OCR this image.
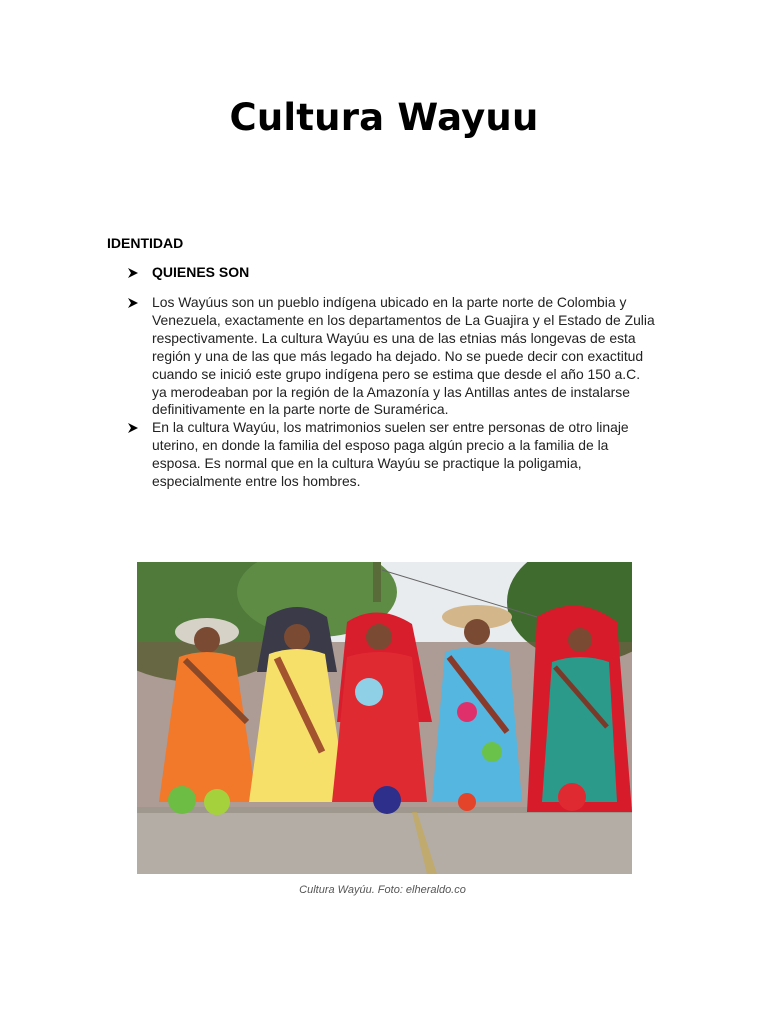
Cultura Wayuu
IDENTIDAD
QUIENES SON
Los Wayúus son un pueblo indígena ubicado en la parte norte de Colombia y Venezuela, exactamente en los departamentos de La Guajira y el Estado de Zulia respectivamente. La cultura Wayúu es una de las etnias más longevas de esta región y una de las que más legado ha dejado. No se puede decir con exactitud cuando se inició este grupo indígena pero se estima que desde el año 150 a.C. ya merodeaban por la región de la Amazonía y las Antillas antes de instalarse definitivamente en la parte norte de Suramérica.
En la cultura Wayúu, los matrimonios suelen ser entre personas de otro linaje uterino, en donde la familia del esposo paga algún precio a la familia de la esposa. Es normal que en la cultura Wayúu se practique la poligamia, especialmente entre los hombres.
Cultura Wayúu. Foto: elheraldo.co
